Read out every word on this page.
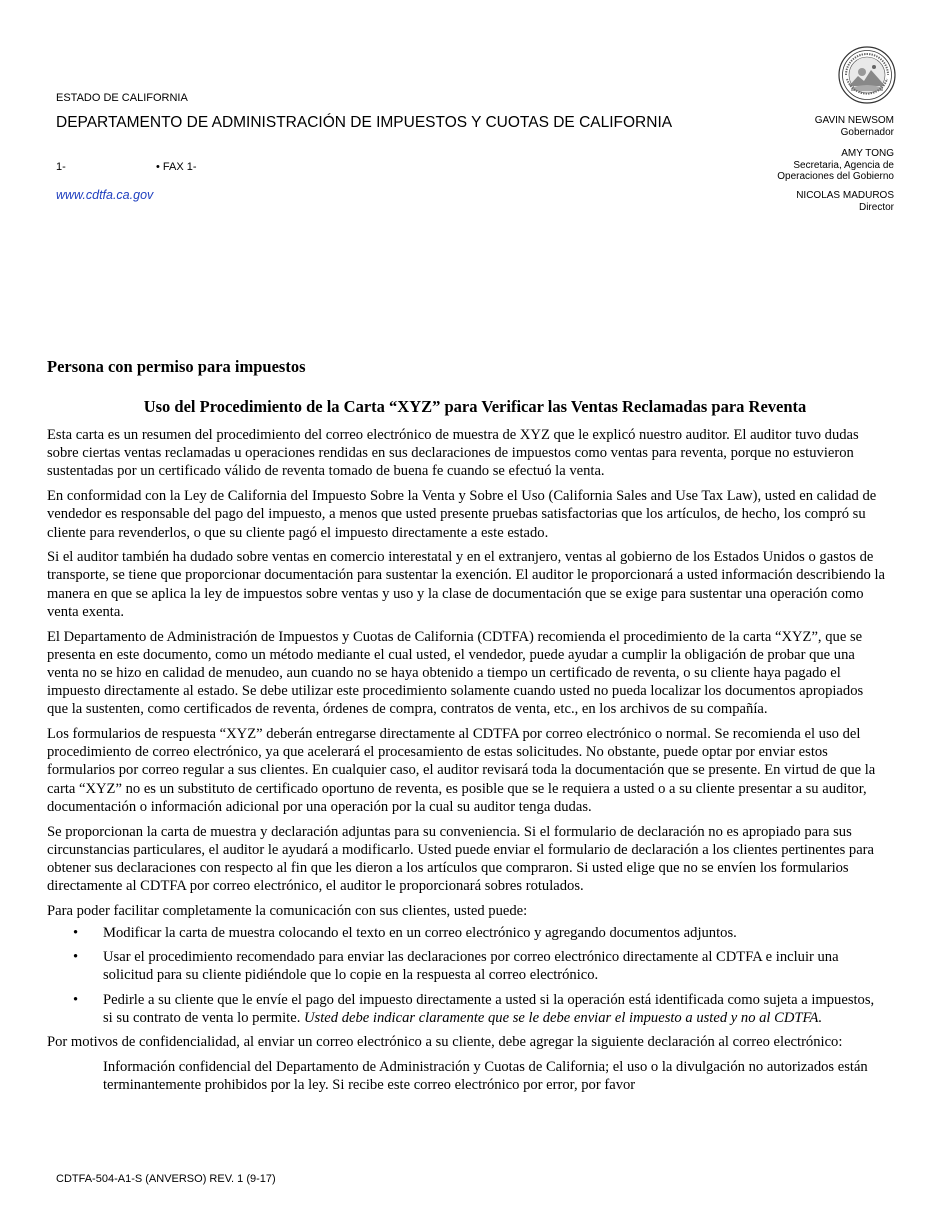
ESTADO DE CALIFORNIA
DEPARTAMENTO DE ADMINISTRACIÓN DE IMPUESTOS Y CUOTAS DE CALIFORNIA
1-	• FAX 1-
www.cdtfa.ca.gov
GAVIN NEWSOM
Gobernador
AMY TONG
Secretaria, Agencia de
Operaciones del Gobierno
NICOLAS MADUROS
Director
Persona con permiso para impuestos
Uso del Procedimiento de la Carta “XYZ” para Verificar las Ventas Reclamadas para Reventa

Esta carta es un resumen del procedimiento del correo electrónico de muestra de XYZ que le explicó nuestro auditor. El auditor tuvo dudas sobre ciertas ventas reclamadas u operaciones rendidas en sus declaraciones de impuestos como ventas para reventa, porque no estuvieron sustentadas por un certificado válido de reventa tomado de buena fe cuando se efectuó la venta.

En conformidad con la Ley de California del Impuesto Sobre la Venta y Sobre el Uso (California Sales and Use Tax Law), usted en calidad de vendedor es responsable del pago del impuesto, a menos que usted presente pruebas satisfactorias que los artículos, de hecho, los compró su cliente para revenderlos, o que su cliente pagó el impuesto directamente a este estado.

Si el auditor también ha dudado sobre ventas en comercio interestatal y en el extranjero, ventas al gobierno de los Estados Unidos o gastos de transporte, se tiene que proporcionar documentación para sustentar la exención. El auditor le proporcionará a usted información describiendo la manera en que se aplica la ley de impuestos sobre ventas y uso y la clase de documentación que se exige para sustentar una operación como venta exenta.

El Departamento de Administración de Impuestos y Cuotas de California (CDTFA) recomienda el procedimiento de la carta “XYZ”, que se presenta en este documento, como un método mediante el cual usted, el vendedor, puede ayudar a cumplir la obligación de probar que una venta no se hizo en calidad de menudeo, aun cuando no se haya obtenido a tiempo un certificado de reventa, o su cliente haya pagado el impuesto directamente al estado. Se debe utilizar este procedimiento solamente cuando usted no pueda localizar los documentos apropiados que la sustenten, como certificados de reventa, órdenes de compra, contratos de venta, etc., en los archivos de su compañía.

Los formularios de respuesta “XYZ” deberán entregarse directamente al CDTFA por correo electrónico o normal. Se recomienda el uso del procedimiento de correo electrónico, ya que acelerará el procesamiento de estas solicitudes. No obstante, puede optar por enviar estos formularios por correo regular a sus clientes. En cualquier caso, el auditor revisará toda la documentación que se presente. En virtud de que la carta “XYZ” no es un substituto de certificado oportuno de reventa, es posible que se le requiera a usted o a su cliente presentar a su auditor, documentación o información adicional por una operación por la cual su auditor tenga dudas.

Se proporcionan la carta de muestra y declaración adjuntas para su conveniencia. Si el formulario de declaración no es apropiado para sus circunstancias particulares, el auditor le ayudará a modificarlo. Usted puede enviar el formulario de declaración a los clientes pertinentes para obtener sus declaraciones con respecto al fin que les dieron a los artículos que compraron. Si usted elige que no se envíen los formularios directamente al CDTFA por correo electrónico, el auditor le proporcionará sobres rotulados.

Para poder facilitar completamente la comunicación con sus clientes, usted puede:

• Modificar la carta de muestra colocando el texto en un correo electrónico y agregando documentos adjuntos.
• Usar el procedimiento recomendado para enviar las declaraciones por correo electrónico directamente al CDTFA e incluir una solicitud para su cliente pidiéndole que lo copie en la respuesta al correo electrónico.
• Pedirle a su cliente que le envíe el pago del impuesto directamente a usted si la operación está identificada como sujeta a impuestos, si su contrato de venta lo permite. Usted debe indicar claramente que se le debe enviar el impuesto a usted y no al CDTFA.

Por motivos de confidencialidad, al enviar un correo electrónico a su cliente, debe agregar la siguiente declaración al correo electrónico:

Información confidencial del Departamento de Administración y Cuotas de California; el uso o la divulgación no autorizados están terminantemente prohibidos por la ley. Si recibe este correo electrónico por error, por favor

CDTFA-504-A1-S (ANVERSO) REV. 1 (9-17)
